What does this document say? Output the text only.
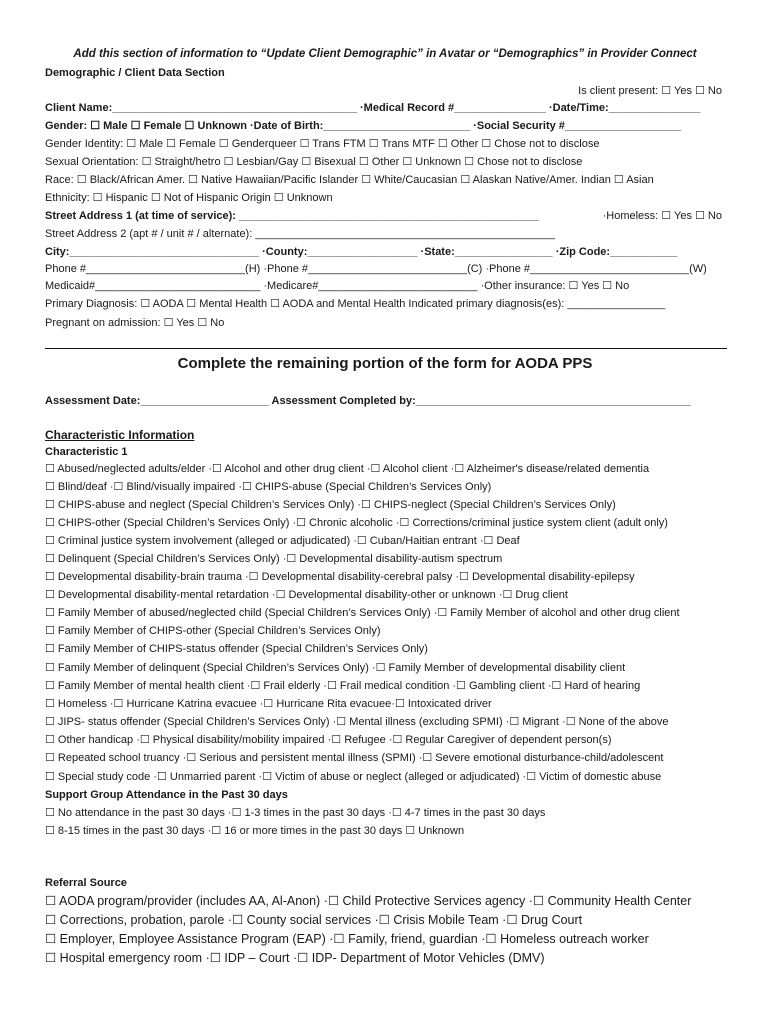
Add this section of information to “Update Client Demographic” in Avatar or “Demographics” in Provider Connect
Demographic / Client Data Section
Is client present: ☐ Yes ☐ No
Client Name:________________________________________ ·Medical Record #_______________ ·Date/Time:_______________
Gender: ☐ Male ☐ Female ☐ Unknown ·Date of Birth:________________________ ·Social Security #___________________
Gender Identity: ☐ Male ☐ Female ☐ Genderqueer ☐ Trans FTM ☐ Trans MTF ☐ Other ☐ Chose not to disclose
Sexual Orientation: ☐ Straight/hetro ☐ Lesbian/Gay ☐ Bisexual ☐ Other ☐ Unknown ☐ Chose not to disclose
Race: ☐ Black/African Amer. ☐ Native Hawaiian/Pacific Islander ☐ White/Caucasian ☐ Alaskan Native/Amer. Indian ☐ Asian
Ethnicity: ☐ Hispanic ☐ Not of Hispanic Origin ☐ Unknown
Street Address 1 (at time of service): _________________________________________________	·Homeless: ☐ Yes ☐ No
Street Address 2 (apt # / unit # / alternate): _________________________________________________
City:_______________________________ ·County:__________________ ·State:________________ ·Zip Code:___________
Phone #__________________________(H) ·Phone #__________________________(C) ·Phone #__________________________(W)
Medicaid#___________________________ ·Medicare#__________________________ ·Other insurance: ☐ Yes ☐ No
Primary Diagnosis: ☐ AODA ☐ Mental Health ☐ AODA and Mental Health Indicated primary diagnosis(es): ________________
Pregnant on admission: ☐ Yes ☐ No
Complete the remaining portion of the form for AODA PPS
Assessment Date:_____________________ Assessment Completed by:_____________________________________________
Characteristic Information
Characteristic 1
☐ Abused/neglected adults/elder ·☐ Alcohol and other drug client ·☐ Alcohol client ·☐ Alzheimer's disease/related dementia
☐ Blind/deaf ·☐ Blind/visually impaired ·☐ CHIPS-abuse (Special Children’s Services Only)
☐ CHIPS-abuse and neglect (Special Children’s Services Only) ·☐ CHIPS-neglect (Special Children’s Services Only)
☐ CHIPS-other (Special Children’s Services Only) ·☐ Chronic alcoholic ·☐ Corrections/criminal justice system client (adult only)
☐ Criminal justice system involvement (alleged or adjudicated) ·☐ Cuban/Haitian entrant ·☐ Deaf
☐ Delinquent (Special Children’s Services Only) ·☐ Developmental disability-autism spectrum
☐ Developmental disability-brain trauma ·☐ Developmental disability-cerebral palsy ·☐ Developmental disability-epilepsy
☐ Developmental disability-mental retardation ·☐ Developmental disability-other or unknown ·☐ Drug client
☐ Family Member of abused/neglected child (Special Children’s Services Only) ·☐ Family Member of alcohol and other drug client
☐ Family Member of CHIPS-other (Special Children’s Services Only)
☐ Family Member of CHIPS-status offender (Special Children’s Services Only)
☐ Family Member of delinquent (Special Children’s Services Only) ·☐ Family Member of developmental disability client
☐ Family Member of mental health client ·☐ Frail elderly ·☐ Frail medical condition ·☐ Gambling client ·☐ Hard of hearing
☐ Homeless ·☐ Hurricane Katrina evacuee ·☐ Hurricane Rita evacuee·☐ Intoxicated driver
☐ JIPS- status offender (Special Children’s Services Only) ·☐ Mental illness (excluding SPMI) ·☐ Migrant ·☐ None of the above
☐ Other handicap ·☐ Physical disability/mobility impaired ·☐ Refugee ·☐ Regular Caregiver of dependent person(s)
☐ Repeated school truancy ·☐ Serious and persistent mental illness (SPMI) ·☐ Severe emotional disturbance-child/adolescent
☐ Special study code ·☐ Unmarried parent ·☐ Victim of abuse or neglect (alleged or adjudicated) ·☐ Victim of domestic abuse
Support Group Attendance in the Past 30 days
☐ No attendance in the past 30 days ·☐ 1-3 times in the past 30 days ·☐ 4-7 times in the past 30 days
☐ 8-15 times in the past 30 days ·☐ 16 or more times in the past 30 days ☐ Unknown
Referral Source
☐ AODA program/provider (includes AA, Al-Anon) ·☐ Child Protective Services agency ·☐ Community Health Center
☐ Corrections, probation, parole ·☐ County social services ·☐ Crisis Mobile Team ·☐ Drug Court
☐ Employer, Employee Assistance Program (EAP) ·☐ Family, friend, guardian ·☐ Homeless outreach worker
☐ Hospital emergency room ·☐ IDP – Court ·☐ IDP- Department of Motor Vehicles (DMV)
